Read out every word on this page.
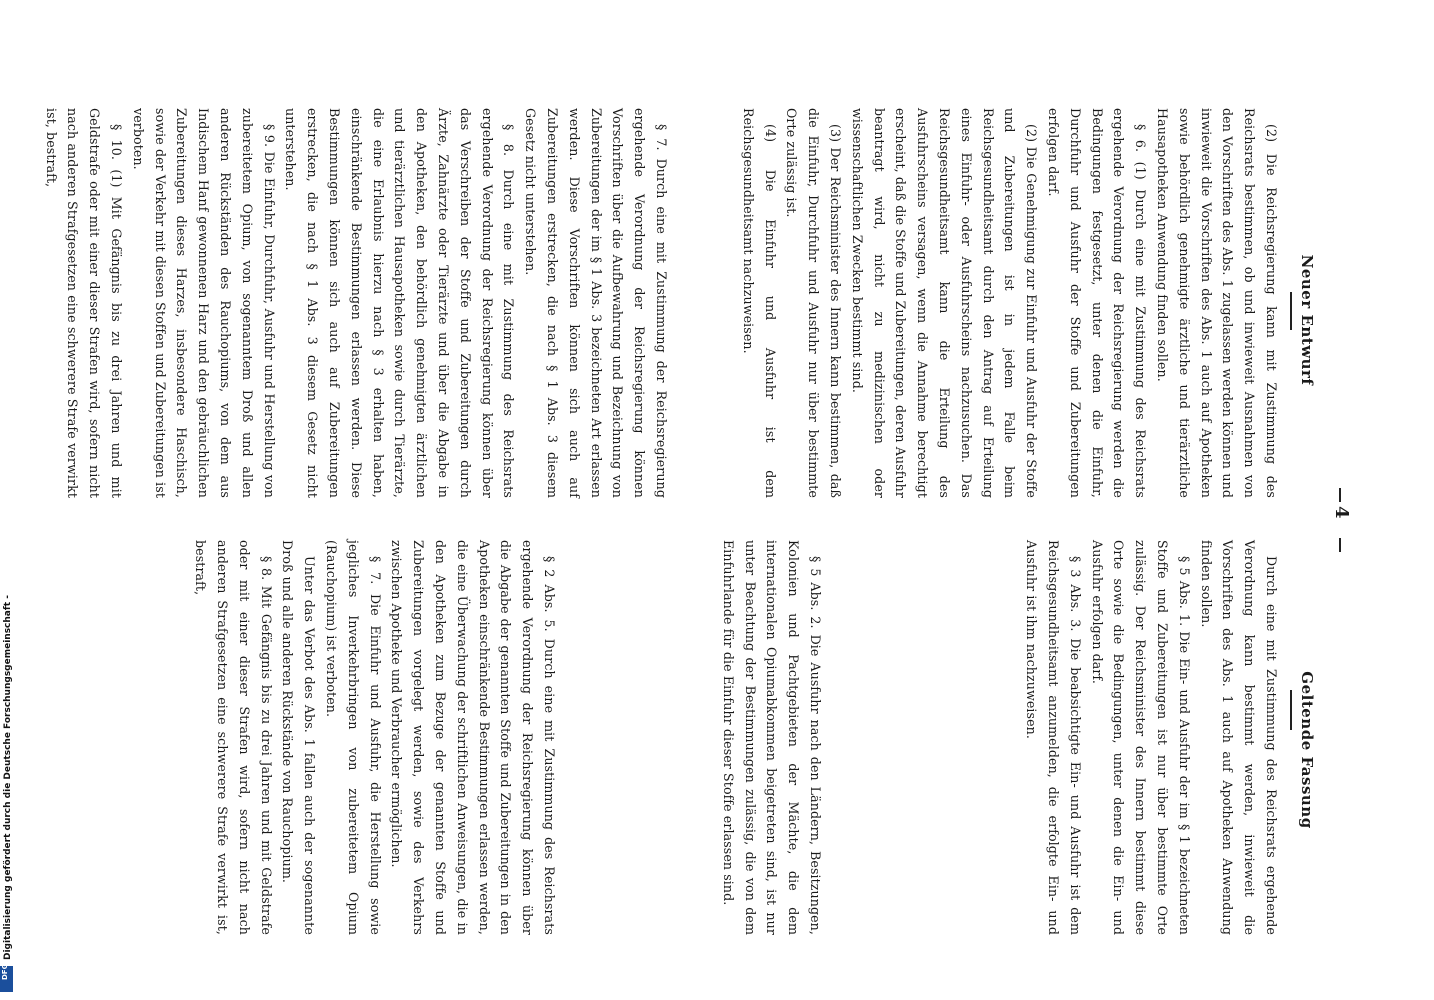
Neuer Entwurf
Geltende Fassung
4

(2) Die Reichsregierung kann mit Zustimmung des Reichsrats bestimmen, ob und inwieweit Ausnahmen von den Vorschriften des Abs. 1 zugelassen werden können und inwieweit die Vorschriften des Abs. 1 auch auf Apotheken sowie behördlich genehmigte ärztliche und tierärztliche Hausapotheken Anwendung finden sollen.

§ 6. (1) Durch eine mit Zustimmung des Reichsrats ergehende Verordnung der Reichsregierung werden die Bedingungen festgesetzt, unter denen die Einfuhr, Durchfuhr und Ausfuhr der Stoffe und Zubereitungen erfolgen darf.

(2) Die Genehmigung zur Einfuhr und Ausfuhr der Stoffe und Zubereitungen ist in jedem Falle beim Reichsgesundheitsamt durch den Antrag auf Erteilung eines Einfuhr- oder Ausfuhrscheins nachzusuchen. Das Reichsgesundheitsamt kann die Erteilung des Ausfuhrscheins versagen, wenn die Annahme berechtigt erscheint, daß die Stoffe und Zubereitungen, deren Ausfuhr beantragt wird, nicht zu medizinischen oder wissenschaftlichen Zwecken bestimmt sind.

(3) Der Reichsminister des Innern kann bestimmen, daß die Einfuhr, Durchfuhr und Ausfuhr nur über bestimmte Orte zulässig ist.

(4) Die Einfuhr und Ausfuhr ist dem Reichsgesundheitsamt nachzuweisen.

§ 7. Durch eine mit Zustimmung der Reichsregierung ergehende Verordnung der Reichsregierung können Vorschriften über die Aufbewahrung und Bezeichnung von Zubereitungen der im § 1 Abs. 3 bezeichneten Art erlassen werden. Diese Vorschriften können sich auch auf Zubereitungen erstrecken, die nach § 1 Abs. 3 diesem Gesetz nicht unterstehen.

§ 8. Durch eine mit Zustimmung des Reichsrats ergehende Verordnung der Reichsregierung können über das Verschreiben der Stoffe und Zubereitungen durch Ärzte, Zahnärzte oder Tierärzte und über die Abgabe in den Apotheken, den behördlich genehmigten ärztlichen und tierärztlichen Hausapotheken sowie durch Tierärzte, die eine Erlaubnis hierzu nach § 3 erhalten haben, einschränkende Bestimmungen erlassen werden. Diese Bestimmungen können sich auch auf Zubereitungen erstrecken, die nach § 1 Abs. 3 diesem Gesetz nicht unterstehen.

§ 9. Die Einfuhr, Durchfuhr, Ausfuhr und Herstellung von zubereitetem Opium, von sogenanntem Droß und allen anderen Rückständen des Rauchopiums, von dem aus Indischem Hanf gewonnenen Harz und den gebräuchlichen Zubereitungen dieses Harzes, insbesondere Haschisch, sowie der Verkehr mit diesen Stoffen und Zubereitungen ist verboten.

§ 10. (1) Mit Gefängnis bis zu drei Jahren und mit Geldstrafe oder mit einer dieser Strafen wird, sofern nicht nach anderen Strafgesetzen eine schwerere Strafe verwirkt ist, bestraft,

Durch eine mit Zustimmung des Reichsrats ergehende Verordnung kann bestimmt werden, inwieweit die Vorschriften des Abs. 1 auch auf Apotheken Anwendung finden sollen.

§ 5 Abs. 1. Die Ein- und Ausfuhr der im § 1 bezeichneten Stoffe und Zubereitungen ist nur über bestimmte Orte zulässig. Der Reichsminister des Innern bestimmt diese Orte sowie die Bedingungen, unter denen die Ein- und Ausfuhr erfolgen darf.

§ 3 Abs. 3. Die beabsichtigte Ein- und Ausfuhr ist dem Reichsgesundheitsamt anzumelden, die erfolgte Ein- und Ausfuhr ist ihm nachzuweisen.

§ 5 Abs. 2. Die Ausfuhr nach den Ländern, Besitzungen, Kolonien und Pachtgebieten der Mächte, die dem internationalen Opiumabkommen beigetreten sind, ist nur unter Beachtung der Bestimmungen zulässig, die von dem Einfuhrlande für die Einfuhr dieser Stoffe erlassen sind.

§ 2 Abs. 5. Durch eine mit Zustimmung des Reichsrats ergehende Verordnung der Reichsregierung können über die Abgabe der genannten Stoffe und Zubereitungen in den Apotheken einschränkende Bestimmungen erlassen werden, die eine Überwachung der schriftlichen Anweisungen, die in den Apotheken zum Bezuge der genannten Stoffe und Zubereitungen vorgelegt werden, sowie des Verkehrs zwischen Apotheke und Verbraucher ermöglichen.

§ 7. Die Einfuhr und Ausfuhr, die Herstellung sowie jegliches Inverkehrbringen von zubereitetem Opium (Rauchopium) ist verboten.

Unter das Verbot des Abs. 1 fallen auch der sogenannte Droß und alle anderen Rückstände von Rauchopium.

§ 8. Mit Gefängnis bis zu drei Jahren und mit Geldstrafe oder mit einer dieser Strafen wird, sofern nicht nach anderen Strafgesetzen eine schwerere Strafe verwirkt ist, bestraft,

Digitalisierung gefördert durch die Deutsche Forschungsgemeinschaft -
DFG
